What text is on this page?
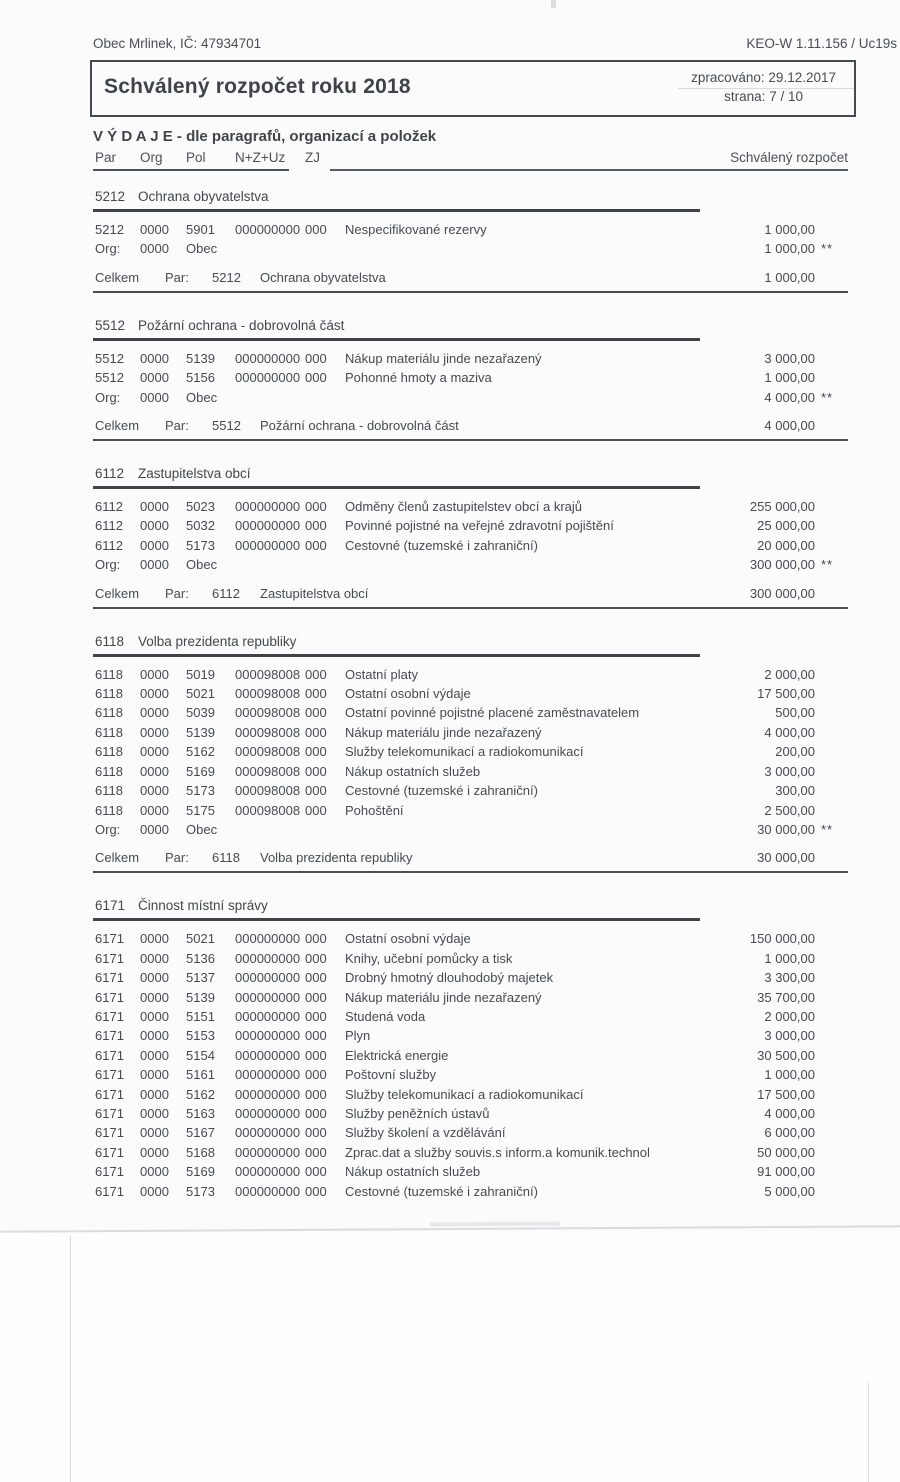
Obec Mrlinek, IČ: 47934701	KEO-W 1.11.156 / Uc19s
Schválený rozpočet roku 2018	zpracováno: 29.12.2017
strana: 7 / 10
V Ý D A J E - dle paragrafů, organizací a položek
Par	Org	Pol	N+Z+Uz	ZJ	Schválený rozpočet
5212 Ochrana obyvatelstva
5212	0000	5901	000000000 000	Nespecifikované rezervy	1 000,00
Org:	0000	Obec	1 000,00 **
Celkem	Par:	5212	Ochrana obyvatelstva	1 000,00
5512 Požární ochrana - dobrovolná část
5512	0000	5139	000000000 000	Nákup materiálu jinde nezařazený	3 000,00
5512	0000	5156	000000000 000	Pohonné hmoty a maziva	1 000,00
Org:	0000	Obec	4 000,00 **
Celkem	Par:	5512	Požární ochrana - dobrovolná část	4 000,00
6112 Zastupitelstva obcí
6112	0000	5023	000000000 000	Odměny členů zastupitelstev obcí a krajů	255 000,00
6112	0000	5032	000000000 000	Povinné pojistné na veřejné zdravotní pojištění	25 000,00
6112	0000	5173	000000000 000	Cestovné (tuzemské i zahraniční)	20 000,00
Org:	0000	Obec	300 000,00 **
Celkem	Par:	6112	Zastupitelstva obcí	300 000,00
6118 Volba prezidenta republiky
6118	0000	5019	000098008 000	Ostatní platy	2 000,00
6118	0000	5021	000098008 000	Ostatní osobní výdaje	17 500,00
6118	0000	5039	000098008 000	Ostatní povinné pojistné placené zaměstnavatelem	500,00
6118	0000	5139	000098008 000	Nákup materiálu jinde nezařazený	4 000,00
6118	0000	5162	000098008 000	Služby telekomunikací a radiokomunikací	200,00
6118	0000	5169	000098008 000	Nákup ostatních služeb	3 000,00
6118	0000	5173	000098008 000	Cestovné (tuzemské i zahraniční)	300,00
6118	0000	5175	000098008 000	Pohoštění	2 500,00
Org:	0000	Obec	30 000,00 **
Celkem	Par:	6118	Volba prezidenta republiky	30 000,00
6171 Činnost místní správy
6171	0000	5021	000000000 000	Ostatní osobní výdaje	150 000,00
6171	0000	5136	000000000 000	Knihy, učební pomůcky a tisk	1 000,00
6171	0000	5137	000000000 000	Drobný hmotný dlouhodobý majetek	3 300,00
6171	0000	5139	000000000 000	Nákup materiálu jinde nezařazený	35 700,00
6171	0000	5151	000000000 000	Studená voda	2 000,00
6171	0000	5153	000000000 000	Plyn	3 000,00
6171	0000	5154	000000000 000	Elektrická energie	30 500,00
6171	0000	5161	000000000 000	Poštovní služby	1 000,00
6171	0000	5162	000000000 000	Služby telekomunikací a radiokomunikací	17 500,00
6171	0000	5163	000000000 000	Služby peněžních ústavů	4 000,00
6171	0000	5167	000000000 000	Služby školení a vzdělávání	6 000,00
6171	0000	5168	000000000 000	Zprac.dat a služby souvis.s inform.a komunik.technol	50 000,00
6171	0000	5169	000000000 000	Nákup ostatních služeb	91 000,00
6171	0000	5173	000000000 000	Cestovné (tuzemské i zahraniční)	5 000,00
